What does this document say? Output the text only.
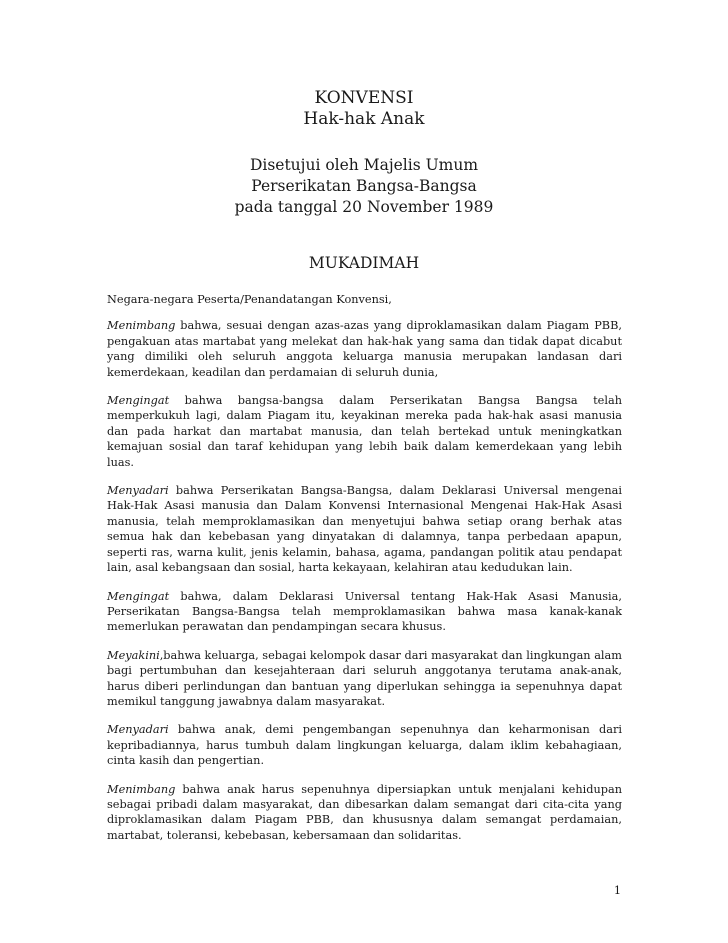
KONVENSI
Hak-hak Anak
Disetujui oleh Majelis Umum
Perserikatan Bangsa-Bangsa
pada tanggal 20 November 1989
MUKADIMAH

Negara-negara Peserta/Penandatangan Konvensi,

Menimbang bahwa, sesuai dengan azas-azas yang diproklamasikan dalam Piagam PBB, pengakuan atas martabat yang melekat dan hak-hak yang sama dan tidak dapat dicabut yang dimiliki oleh seluruh anggota keluarga manusia merupakan landasan dari kemerdekaan, keadilan dan perdamaian di seluruh dunia,

Mengingat bahwa bangsa-bangsa dalam Perserikatan Bangsa Bangsa telah memperkukuh lagi, dalam Piagam itu, keyakinan mereka pada hak-hak asasi manusia dan pada harkat dan martabat manusia, dan telah bertekad untuk meningkatkan kemajuan sosial dan taraf kehidupan yang lebih baik dalam kemerdekaan yang lebih luas.

Menyadari bahwa Perserikatan Bangsa-Bangsa, dalam Deklarasi Universal mengenai Hak-Hak Asasi manusia dan Dalam Konvensi Internasional Mengenai Hak-Hak Asasi manusia, telah memproklamasikan dan menyetujui bahwa setiap orang berhak atas semua hak dan kebebasan yang dinyatakan di dalamnya, tanpa perbedaan apapun, seperti ras, warna kulit, jenis kelamin, bahasa, agama, pandangan politik atau pendapat lain, asal kebangsaan dan sosial, harta kekayaan, kelahiran atau kedudukan lain.

Mengingat bahwa, dalam Deklarasi Universal tentang Hak-Hak Asasi Manusia, Perserikatan Bangsa-Bangsa telah memproklamasikan bahwa masa kanak-kanak memerlukan perawatan dan pendampingan secara khusus.

Meyakini,bahwa keluarga, sebagai kelompok dasar dari masyarakat dan lingkungan alam bagi pertumbuhan dan kesejahteraan dari seluruh anggotanya terutama anak-anak, harus diberi perlindungan dan bantuan yang diperlukan sehingga ia sepenuhnya dapat memikul tanggung jawabnya dalam masyarakat.

Menyadari bahwa anak, demi pengembangan sepenuhnya dan keharmonisan dari kepribadiannya, harus tumbuh dalam lingkungan keluarga, dalam iklim kebahagiaan, cinta kasih dan pengertian.

Menimbang bahwa anak harus sepenuhnya dipersiapkan untuk menjalani kehidupan sebagai pribadi dalam masyarakat, dan dibesarkan dalam semangat dari cita-cita yang diproklamasikan dalam Piagam PBB, dan khususnya dalam semangat perdamaian, martabat, toleransi, kebebasan, kebersamaan dan solidaritas.

1
